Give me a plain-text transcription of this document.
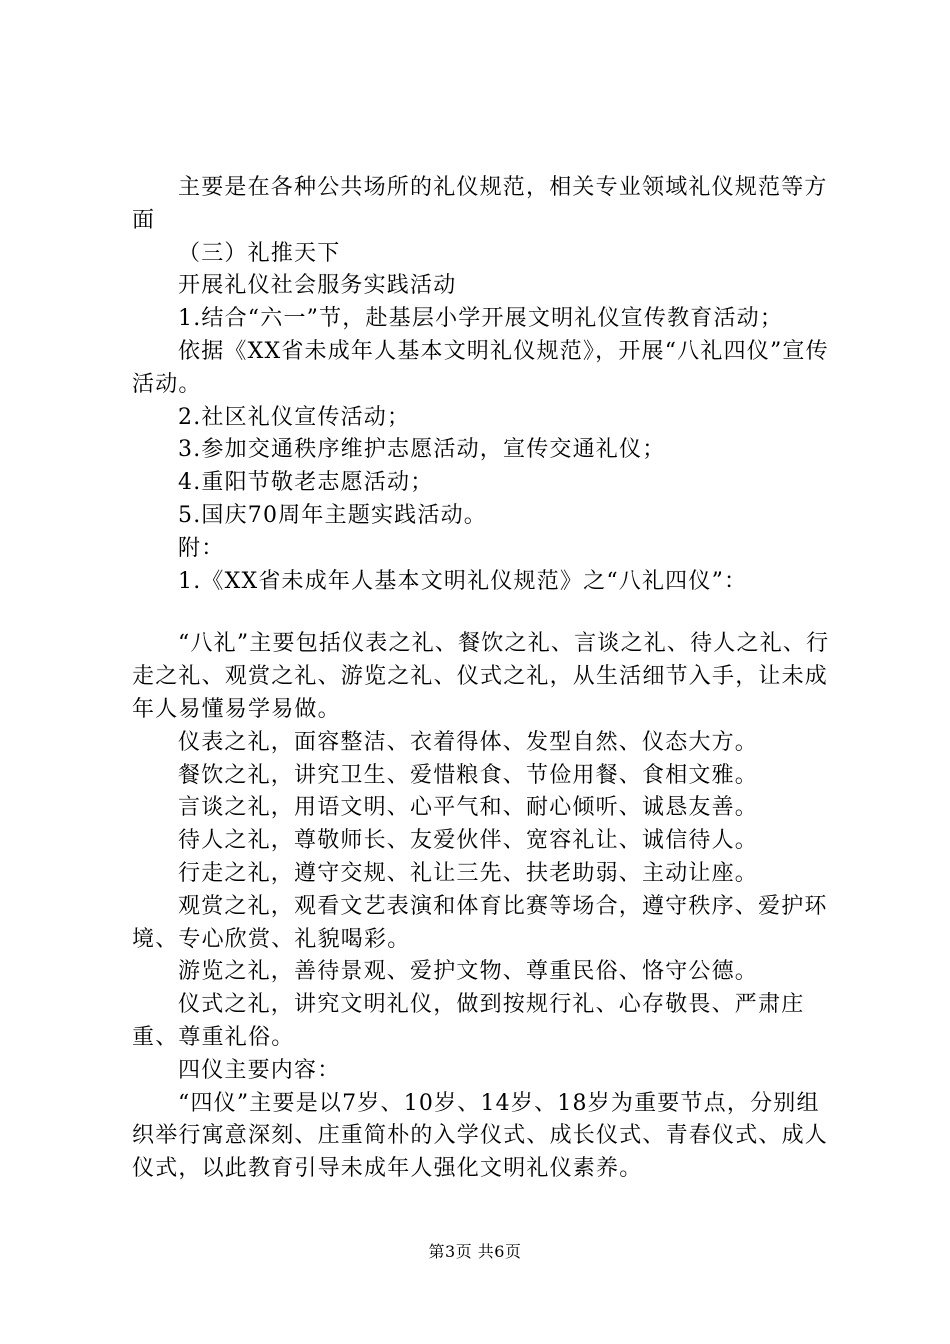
主要是在各种公共场所的礼仪规范，相关专业领域礼仪规范等方面

（三）礼推天下

开展礼仪社会服务实践活动

1.结合“六一”节，赴基层小学开展文明礼仪宣传教育活动；

依据《XX省未成年人基本文明礼仪规范》，开展“八礼四仪”宣传活动。

2.社区礼仪宣传活动；

3.参加交通秩序维护志愿活动，宣传交通礼仪；

4.重阳节敬老志愿活动；

5.国庆70周年主题实践活动。

附：

1.《XX省未成年人基本文明礼仪规范》之“八礼四仪”：

“八礼”主要包括仪表之礼、餐饮之礼、言谈之礼、待人之礼、行走之礼、观赏之礼、游览之礼、仪式之礼，从生活细节入手，让未成年人易懂易学易做。

仪表之礼，面容整洁、衣着得体、发型自然、仪态大方。

餐饮之礼，讲究卫生、爱惜粮食、节俭用餐、食相文雅。

言谈之礼，用语文明、心平气和、耐心倾听、诚恳友善。

待人之礼，尊敬师长、友爱伙伴、宽容礼让、诚信待人。

行走之礼，遵守交规、礼让三先、扶老助弱、主动让座。

观赏之礼，观看文艺表演和体育比赛等场合，遵守秩序、爱护环境、专心欣赏、礼貌喝彩。

游览之礼，善待景观、爱护文物、尊重民俗、恪守公德。

仪式之礼，讲究文明礼仪，做到按规行礼、心存敬畏、严肃庄重、尊重礼俗。

四仪主要内容：

“四仪”主要是以7岁、10岁、14岁、18岁为重要节点，分别组织举行寓意深刻、庄重简朴的入学仪式、成长仪式、青春仪式、成人仪式，以此教育引导未成年人强化文明礼仪素养。

第3页 共6页
